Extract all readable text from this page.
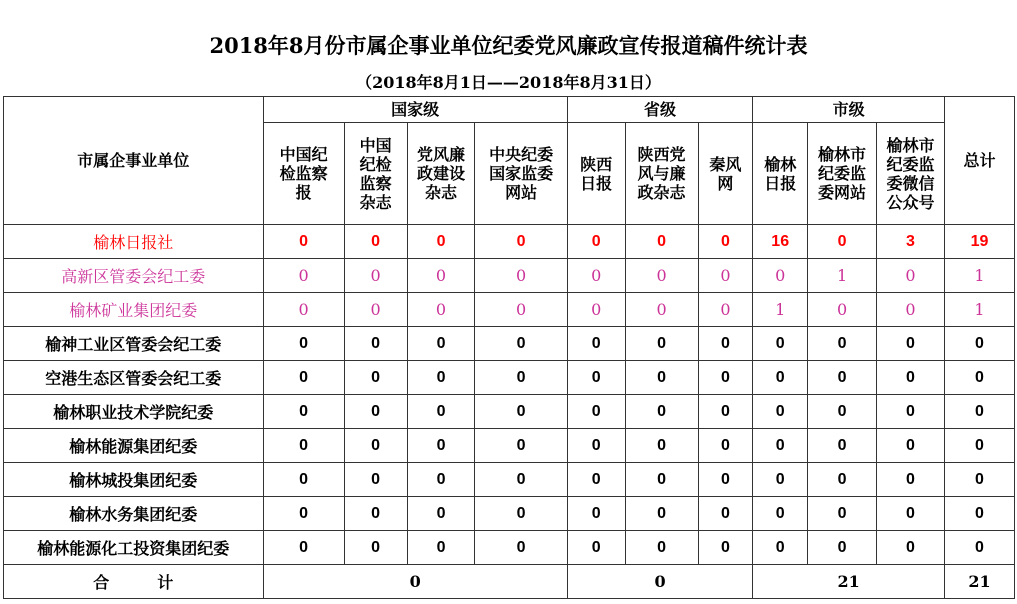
2018年8月份市属企事业单位纪委党风廉政宣传报道稿件统计表
（2018年8月1日——2018年8月31日）
市属企事业单位	国家级				省级			市级			总计
	中国纪检监察报	中国纪检监察杂志	党风廉政建设杂志	中央纪委国家监委网站	陕西日报	陕西党风与廉政杂志	秦风网	榆林日报	榆林市纪委监委网站	榆林市纪委监委微信公众号	
榆林日报社	0	0	0	0	0	0	0	16	0	3	19
高新区管委会纪工委	0	0	0	0	0	0	0	0	1	0	1
榆林矿业集团纪委	0	0	0	0	0	0	0	1	0	0	1
榆神工业区管委会纪工委	0	0	0	0	0	0	0	0	0	0	0
空港生态区管委会纪工委	0	0	0	0	0	0	0	0	0	0	0
榆林职业技术学院纪委	0	0	0	0	0	0	0	0	0	0	0
榆林能源集团纪委	0	0	0	0	0	0	0	0	0	0	0
榆林城投集团纪委	0	0	0	0	0	0	0	0	0	0	0
榆林水务集团纪委	0	0	0	0	0	0	0	0	0	0	0
榆林能源化工投资集团纪委	0	0	0	0	0	0	0	0	0	0	0
合　　　计	0				0			21			21
